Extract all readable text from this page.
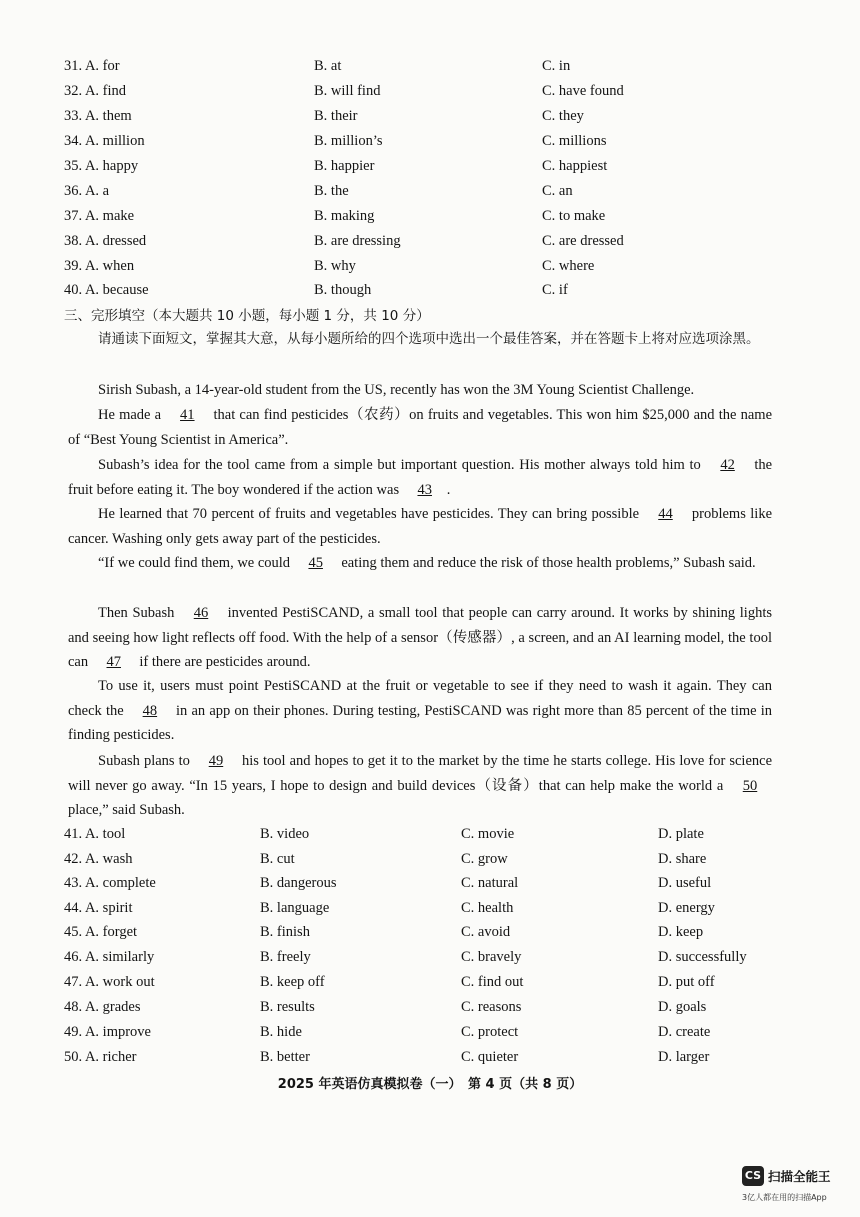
31. A. for	B. at	C. in
32. A. find	B. will find	C. have found
33. A. them	B. their	C. they
34. A. million	B. million’s	C. millions
35. A. happy	B. happier	C. happiest
36. A. a	B. the	C. an
37. A. make	B. making	C. to make
38. A. dressed	B. are dressing	C. are dressed
39. A. when	B. why	C. where
40. A. because	B. though	C. if
三、完形填空（本大题共 10 小题，每小题 1 分，共 10 分）
请通读下面短文，掌握其大意，从每小题所给的四个选项中选出一个最佳答案，并在答题卡上将对应选项涂黑。
Sirish Subash, a 14-year-old student from the US, recently has won the 3M Young Scientist Challenge.
He made a 41 that can find pesticides（农药）on fruits and vegetables. This won him $25,000 and the name of “Best Young Scientist in America”.
Subash’s idea for the tool came from a simple but important question. His mother always told him to 42 the fruit before eating it. The boy wondered if the action was 43 .
He learned that 70 percent of fruits and vegetables have pesticides. They can bring possible 44 problems like cancer. Washing only gets away part of the pesticides.
“If we could find them, we could 45 eating them and reduce the risk of those health problems,” Subash said.
Then Subash 46 invented PestiSCAND, a small tool that people can carry around. It works by shining lights and seeing how light reflects off food. With the help of a sensor（传感器）, a screen, and an AI learning model, the tool can 47 if there are pesticides around.
To use it, users must point PestiSCAND at the fruit or vegetable to see if they need to wash it again. They can check the 48 in an app on their phones. During testing, PestiSCAND was right more than 85 percent of the time in finding pesticides.
Subash plans to 49 his tool and hopes to get it to the market by the time he starts college. His love for science will never go away. “In 15 years, I hope to design and build devices（设备）that can help make the world a 50 place,” said Subash.
41. A. tool	B. video	C. movie	D. plate
42. A. wash	B. cut	C. grow	D. share
43. A. complete	B. dangerous	C. natural	D. useful
44. A. spirit	B. language	C. health	D. energy
45. A. forget	B. finish	C. avoid	D. keep
46. A. similarly	B. freely	C. bravely	D. successfully
47. A. work out	B. keep off	C. find out	D. put off
48. A. grades	B. results	C. reasons	D. goals
49. A. improve	B. hide	C. protect	D. create
50. A. richer	B. better	C. quieter	D. larger
2025 年英语仿真模拟卷（一）　第 4 页（共 8 页）
CS 扫描全能王
3亿人都在用的扫描App
